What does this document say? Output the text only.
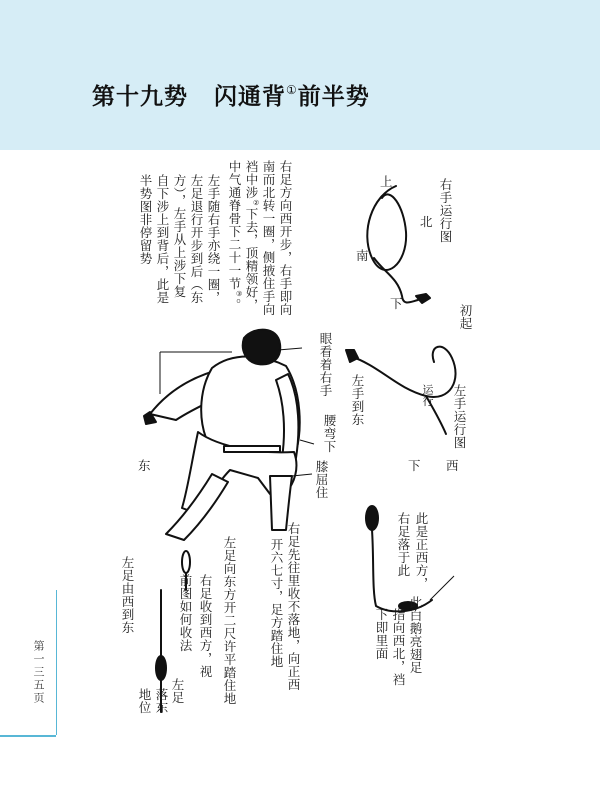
第十九势 闪通背①前半势
右足方向西开步，右手即向
南而北转一圈，侧掖住手向
裆中涉②下去，顶精领好，
中气通脊骨下二十一节③。
左手随右手亦绕一圈，
左足退行开步到后（东
方），左手从上涉下复
自下涉上到背后，此是
半势图非停留势	右手运行图
上
北
南
下
初起
运行 左手运行图
左手到东
西
下
东
眼看着右手
腰弯下
膝屈住
此是正西方，
右足落于此
此白鹅亮翅足
指向西北，裆
下即里面
右足先往里收不落地，向正西
开六七寸，足方踏住地
左足向东方开二尺许平踏住地
右足收到西方，视
前图如何收法
左足由西到东
左足
落东
地位
第一三五页
